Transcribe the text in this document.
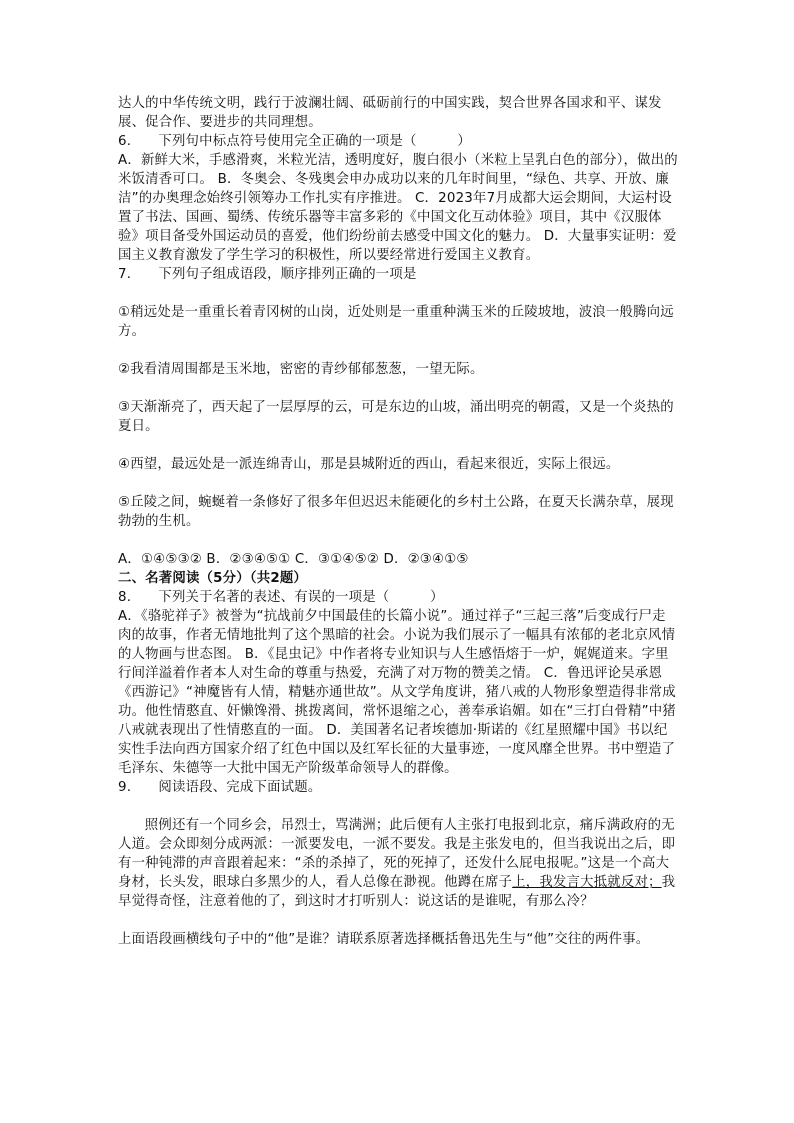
达人的中华传统文明，践行于波澜壮阔、砥砺前行的中国实践，契合世界各国求和平、谋发展、促合作、要进步的共同理想。

6.　　下列句中标点符号使用完全正确的一项是（　　　）

A．新鲜大米，手感滑爽，米粒光洁，透明度好，腹白很小（米粒上呈乳白色的部分），做出的米饭清香可口。 B．冬奥会、冬残奥会申办成功以来的几年时间里，“绿色、共享、开放、廉洁”的办奥理念始终引领筹办工作扎实有序推进。 C．2023年7月成都大运会期间，大运村设置了书法、国画、蜀绣、传统乐器等丰富多彩的《中国文化互动体验》项目，其中《汉服体验》项目备受外国运动员的喜爱，他们纷纷前去感受中国文化的魅力。 D．大量事实证明：爱国主义教育激发了学生学习的积极性，所以要经常进行爱国主义教育。

7.　　下列句子组成语段，顺序排列正确的一项是

①稍远处是一重重长着青冈树的山岗，近处则是一重重种满玉米的丘陵坡地，波浪一般腾向远方。

②我看清周围都是玉米地，密密的青纱郁郁葱葱，一望无际。

③天渐渐亮了，西天起了一层厚厚的云，可是东边的山坡，涌出明亮的朝霞，又是一个炎热的夏日。

④西望，最远处是一派连绵青山，那是县城附近的西山，看起来很近，实际上很远。

⑤丘陵之间，蜿蜒着一条修好了很多年但迟迟未能硬化的乡村土公路，在夏天长满杂草，展现勃勃的生机。

A．①④⑤③② B．②③④⑤① C．③①④⑤② D．②③④①⑤

二、名著阅读（5分）（共2题）

8.　　下列关于名著的表述、有误的一项是（　　　）

A．《骆驼祥子》被誉为“抗战前夕中国最佳的长篇小说”。通过祥子“三起三落”后变成行尸走肉的故事，作者无情地批判了这个黑暗的社会。小说为我们展示了一幅具有浓郁的老北京风情的人物画与世态图。 B．《昆虫记》中作者将专业知识与人生感悟熔于一炉，娓娓道来。字里行间洋溢着作者本人对生命的尊重与热爱，充满了对万物的赞美之情。 C．鲁迅评论吴承恩《西游记》“神魔皆有人情，精魅亦通世故”。从文学角度讲，猪八戒的人物形象塑造得非常成功。他性情憨直、奸懒馋滑、挑拨离间，常怀退缩之心，善奉承谄媚。如在“三打白骨精”中猪八戒就表现出了性情憨直的一面。 D．美国著名记者埃德加·斯诺的《红星照耀中国》书以纪实性手法向西方国家介绍了红色中国以及红军长征的大量事迹，一度风靡全世界。书中塑造了毛泽东、朱德等一大批中国无产阶级革命领导人的群像。

9.　　阅读语段、完成下面试题。

照例还有一个同乡会，吊烈士，骂满洲；此后便有人主张打电报到北京，痛斥满政府的无人道。会众即刻分成两派：一派要发电，一派不要发。我是主张发电的，但当我说出之后，即有一种钝滞的声音跟着起来：“杀的杀掉了，死的死掉了，还发什么屁电报呢。”这是一个高大身材，长头发，眼球白多黑少的人，看人总像在渺视。他蹲在席子上，我发言大抵就反对；我早觉得奇怪，注意着他的了，到这时才打听别人：说这话的是谁呢，有那么冷？

上面语段画横线句子中的“他”是谁？请联系原著选择概括鲁迅先生与“他”交往的两件事。
